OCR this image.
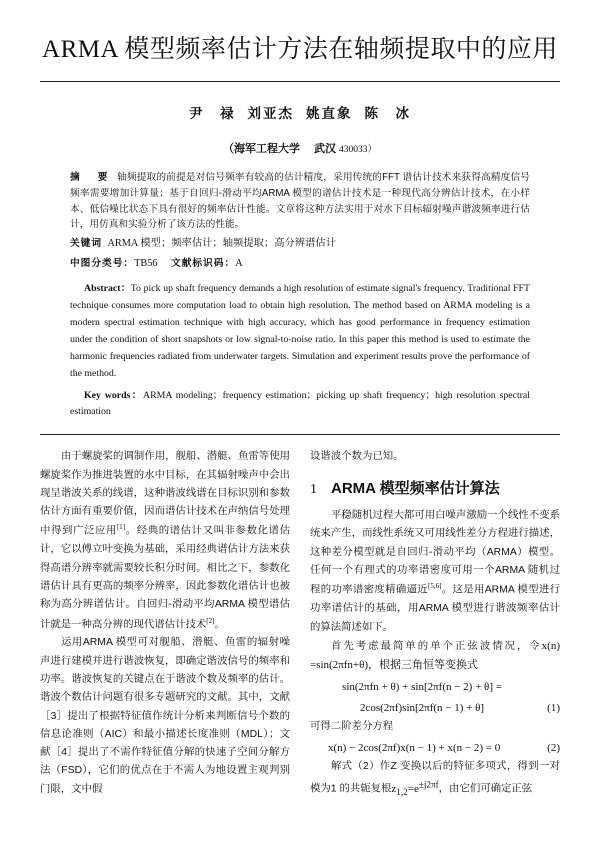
ARMA 模型频率估计方法在轴频提取中的应用
尹　禄 刘亚杰 姚直象 陈　冰
（海军工程大学 武汉 430033）

摘　要 轴频提取的前提是对信号频率有较高的估计精度，采用传统的FFT 谱估计技术来获得高精度信号频率需要增加计算量；基于自回归-滑动平均ARMA 模型的谱估计技术是一种现代高分辨估计技术，在小样本、低信噪比状态下具有很好的频率估计性能。文章将这种方法实用于对水下目标辐射噪声谐波频率进行估计，用仿真和实验分析了该方法的性能。

关键词 ARMA 模型；频率估计；轴频提取；高分辨谱估计

中图分类号：TB56 文献标识码：A

Abstract：To pick up shaft frequency demands a high resolution of estimate signal's frequency. Traditional FFT technique consumes more computation load to obtain high resolution. The method based on ARMA modeling is a modern spectral estimation technique with high accuracy, which has good performance in frequency estimation under the condition of short snapshots or low signal-to-noise ratio. In this paper this method is used to estimate the harmonic frequencies radiated from underwater targets. Simulation and experiment results prove the performance of the method.

Key words：ARMA modeling；frequency estimation；picking up shaft frequency；high resolution spectral estimation

由于螺旋桨的调制作用，舰船、潜艇、鱼雷等使用螺旋桨作为推进装置的水中目标，在其辐射噪声中会出现呈谐波关系的线谱，这种谐波线谱在目标识别和参数估计方面有重要价值，因而谱估计技术在声纳信号处理中得到广泛应用[1]。经典的谱估计又叫非参数化谱估计，它以傅立叶变换为基础，采用经典谱估计方法来获得高谱分辨率就需要较长积分时间。相比之下，参数化谱估计具有更高的频率分辨率，因此参数化谱估计也被称为高分辨谱估计。自回归-滑动平均ARMA 模型谱估计就是一种高分辨的现代谱估计技术[2]。

运用ARMA 模型可对舰船、潜艇、鱼雷的辐射噪声进行建模并进行谐波恢复，即确定谐波信号的频率和功率。谐波恢复的关键点在于谐波个数及频率的估计。谐波个数估计问题有很多专题研究的文献。其中，文献［3］提出了根据特征值作统计分析来判断信号个数的信息论准则（AIC）和最小描述长度准则（MDL）；文献［4］提出了不需作特征值分解的快速子空间分解方法（FSD），它们的优点在于不需人为地设置主观判别门限，文中假

设谐波个数为已知。

1 ARMA 模型频率估计算法

平稳随机过程大都可用白噪声激励一个线性不变系统来产生，而线性系统又可用线性差分方程进行描述，这种差分模型就是自回归-滑动平均（ARMA）模型。任何一个有理式的功率谱密度可用一个ARMA 随机过程的功率谱密度精确逼近[5,6]。这是用ARMA 模型进行功率谱估计的基础，用ARMA 模型进行谐波频率估计的算法简述如下。

首先考虑最简单的单个正弦波情况，令x(n) =sin(2πfn+θ)，根据三角恒等变换式

sin(2πfn + θ) + sin[2πf(n − 2) + θ] =

2cos(2πf)sin[2πf(n − 1) + θ]	(1)

可得二阶差分方程

x(n) − 2cos(2πf)x(n − 1) + x(n − 2) = 0	(2)

解式（2）作Z 变换以后的特征多项式，得到一对模为1 的共轭复根$z_{1,2}=e^{\pm j2\pi f}$，由它们可确定正弦
